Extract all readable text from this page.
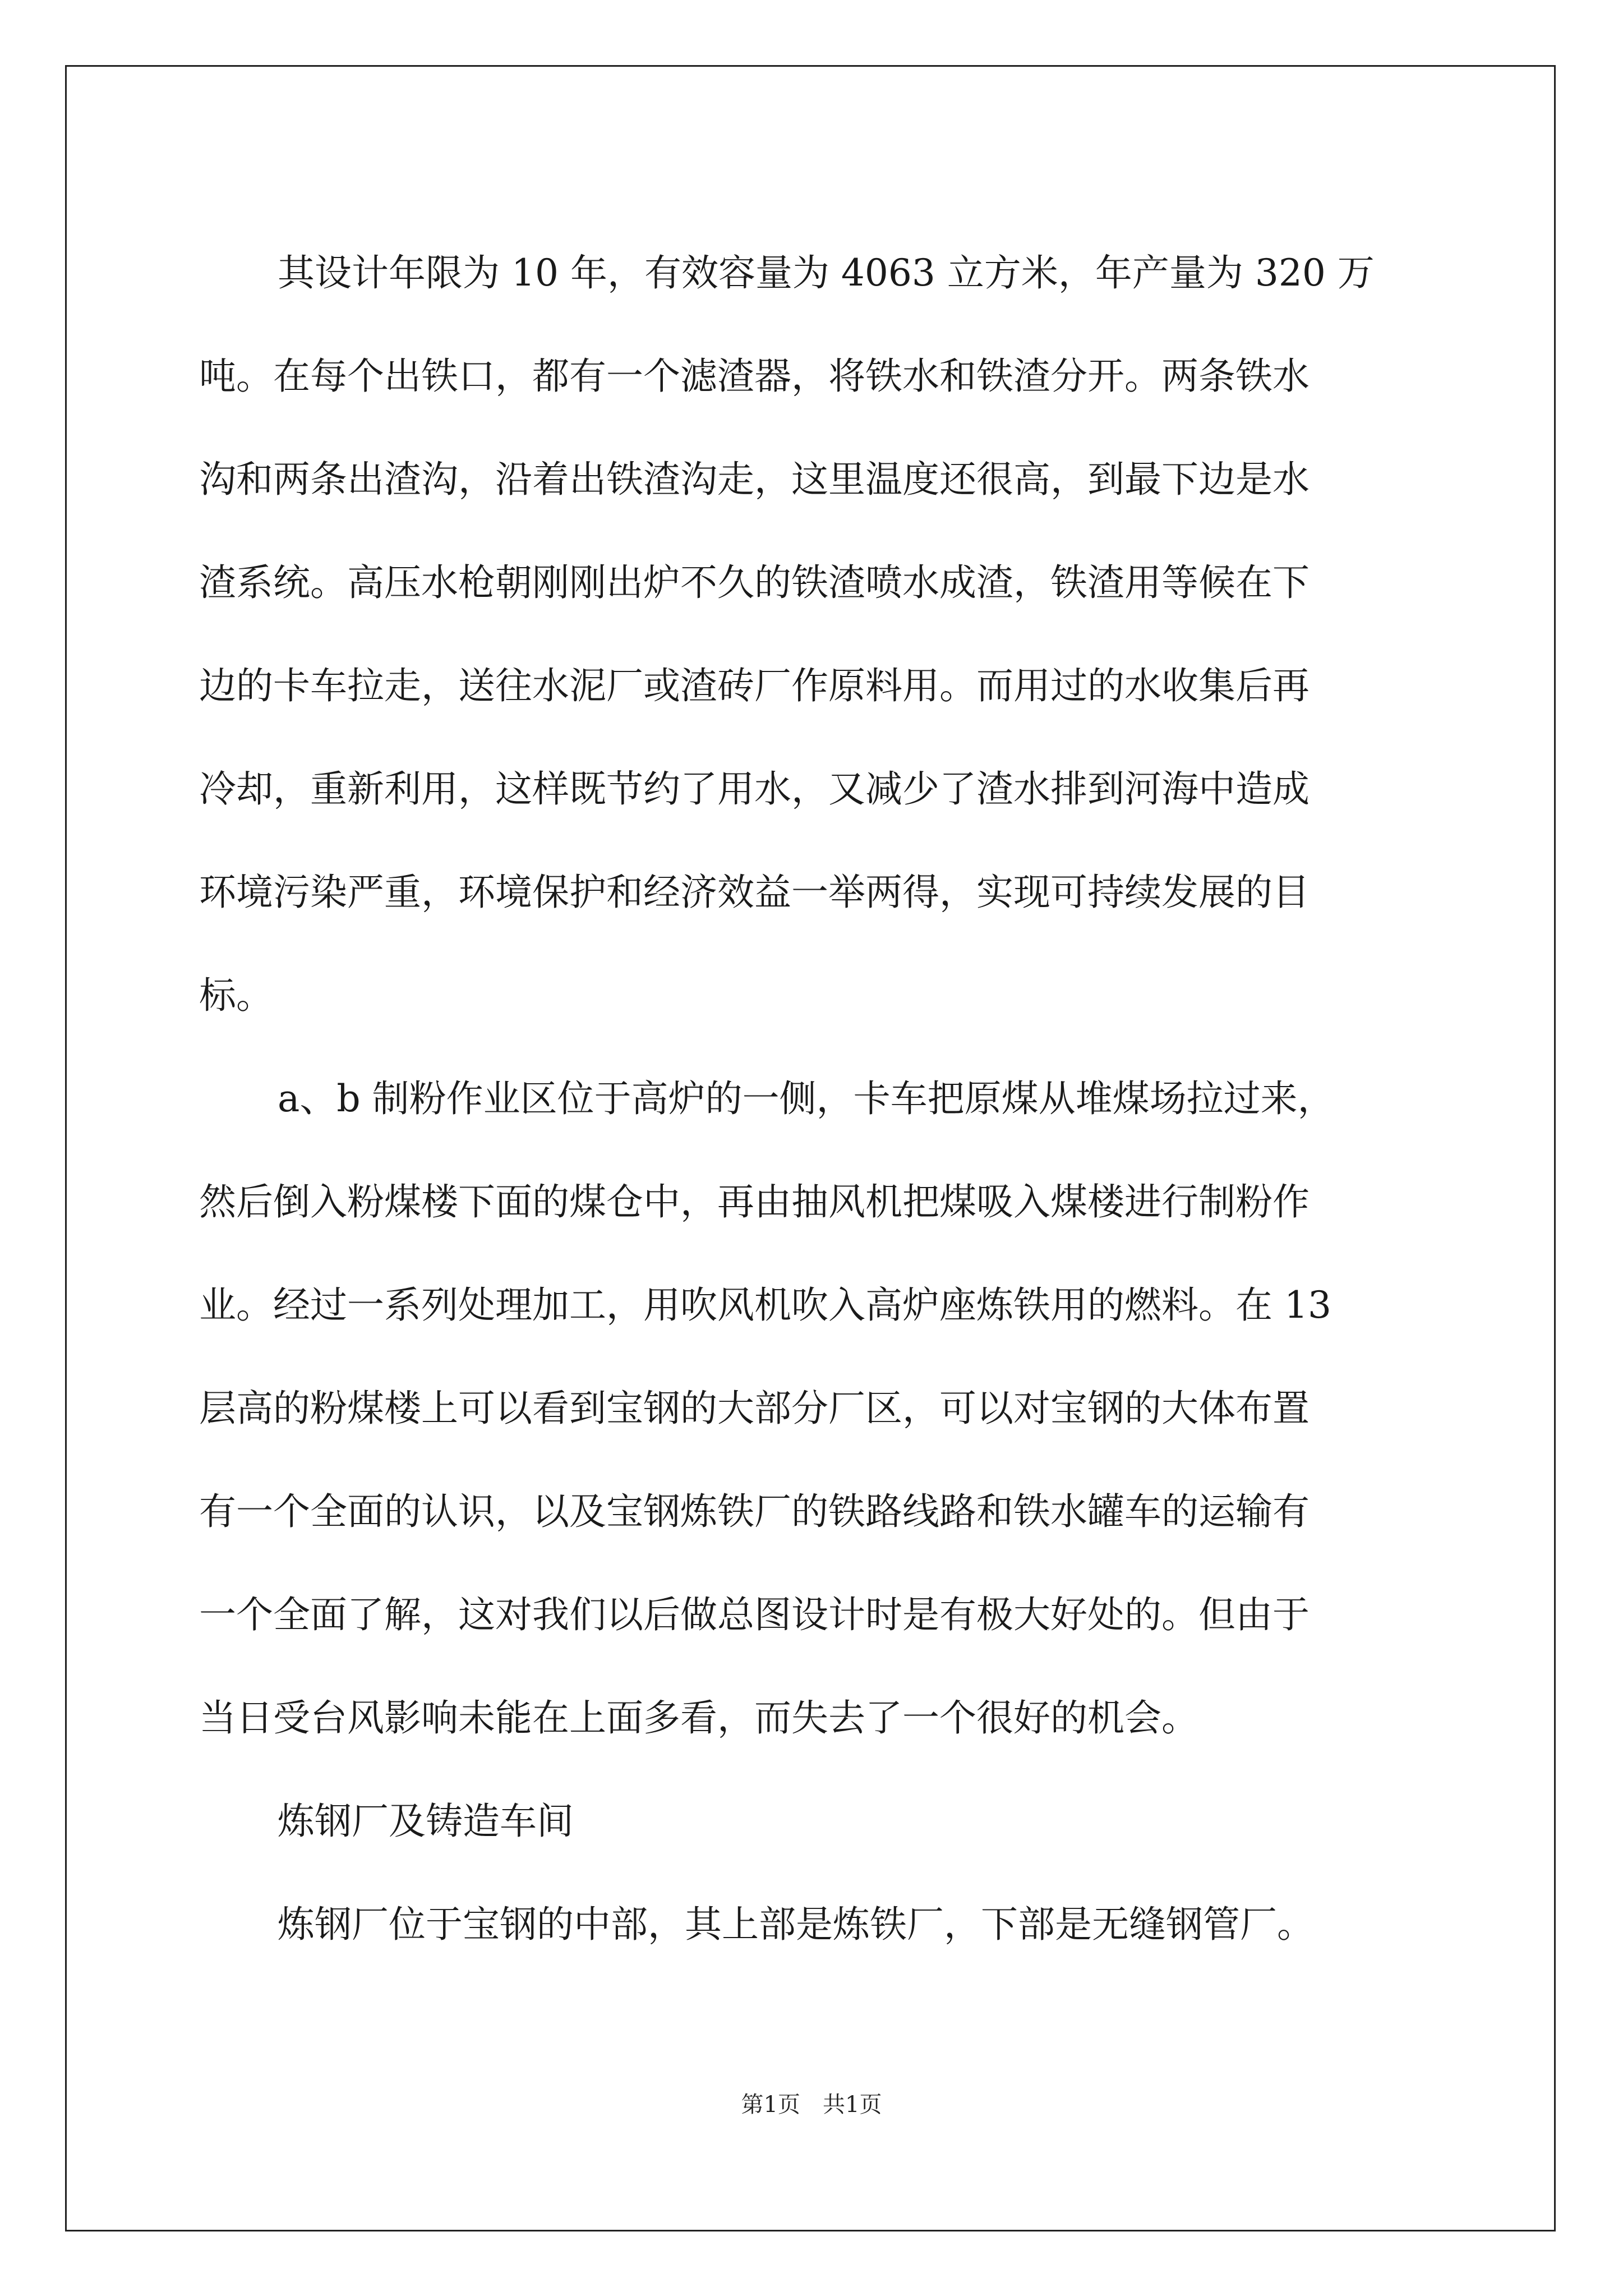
其设计年限为 10 年，有效容量为 4063 立方米，年产量为 320 万
吨。在每个出铁口，都有一个滤渣器，将铁水和铁渣分开。两条铁水
沟和两条出渣沟，沿着出铁渣沟走，这里温度还很高，到最下边是水
渣系统。高压水枪朝刚刚出炉不久的铁渣喷水成渣，铁渣用等候在下
边的卡车拉走，送往水泥厂或渣砖厂作原料用。而用过的水收集后再
冷却，重新利用，这样既节约了用水，又减少了渣水排到河海中造成
环境污染严重，环境保护和经济效益一举两得，实现可持续发展的目
标。
a、b 制粉作业区位于高炉的一侧，卡车把原煤从堆煤场拉过来，
然后倒入粉煤楼下面的煤仓中，再由抽风机把煤吸入煤楼进行制粉作
业。经过一系列处理加工，用吹风机吹入高炉座炼铁用的燃料。在 13
层高的粉煤楼上可以看到宝钢的大部分厂区，可以对宝钢的大体布置
有一个全面的认识，以及宝钢炼铁厂的铁路线路和铁水罐车的运输有
一个全面了解，这对我们以后做总图设计时是有极大好处的。但由于
当日受台风影响未能在上面多看，而失去了一个很好的机会。
炼钢厂及铸造车间
炼钢厂位于宝钢的中部，其上部是炼铁厂，下部是无缝钢管厂。
第1页　共1页
